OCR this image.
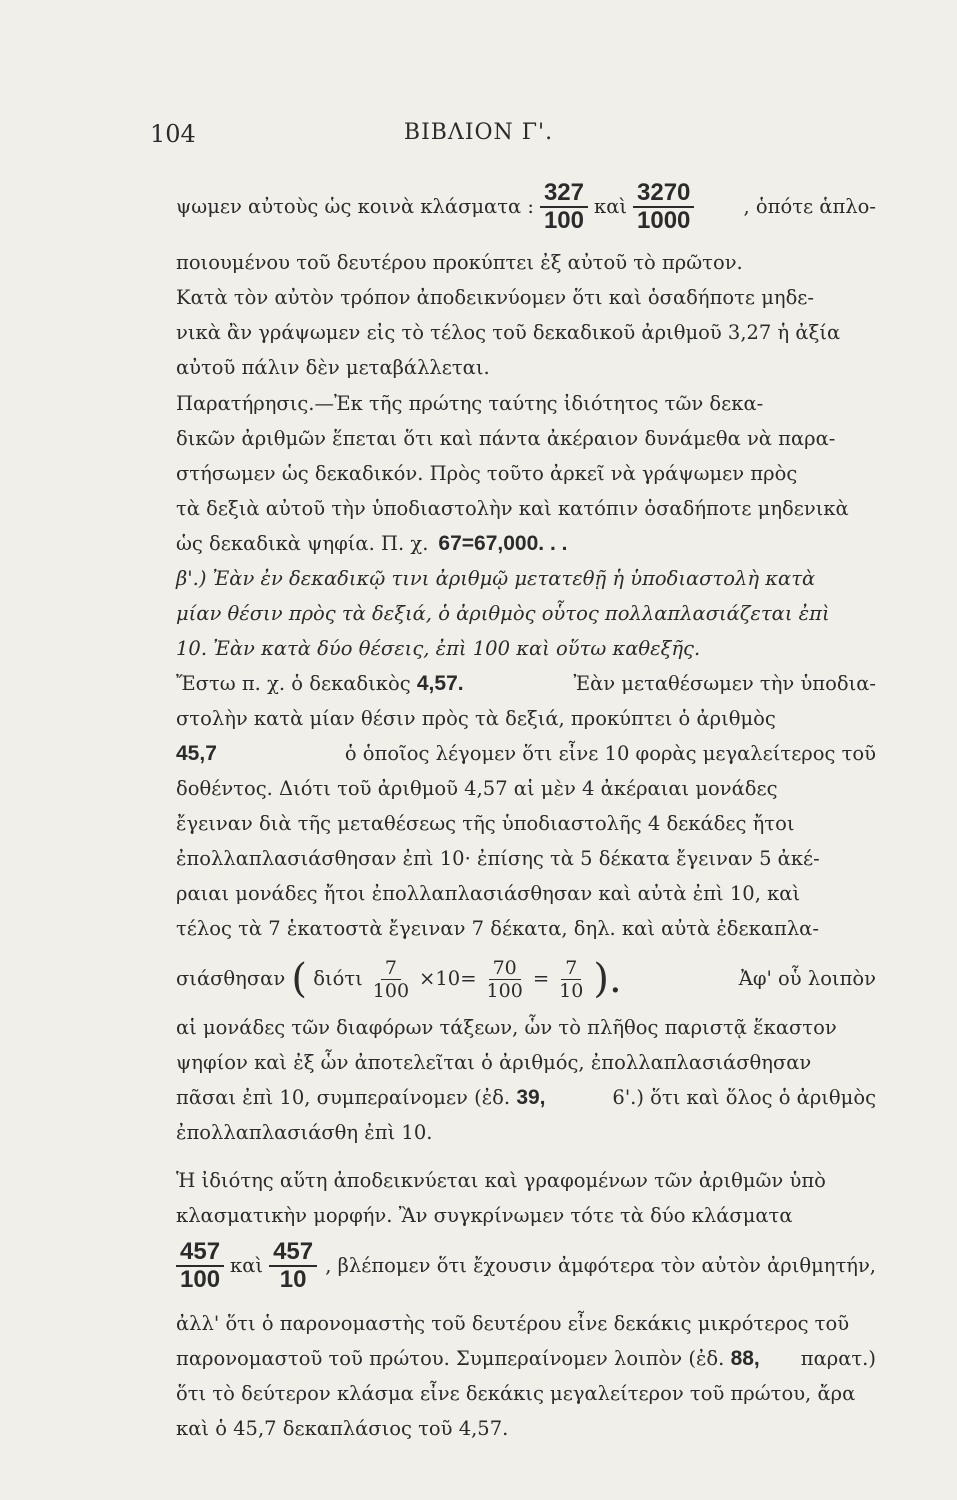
104	ΒΙΒΛΙΟΝ Γ'.
ψωμεν αὐτοὺς ὡς κοινὰ κλάσματα : $\frac{327}{100}$ καὶ $\frac{3270}{1000}$	, ὁπότε ἁπλο-
ποιουμένου τοῦ δευτέρου προκύπτει ἐξ αὐτοῦ τὸ πρῶτον.
Κατὰ τὸν αὐτὸν τρόπον ἀποδεικνύομεν ὅτι καὶ ὁσαδήποτε μηδε-
νικὰ ἂν γράψωμεν εἰς τὸ τέλος τοῦ δεκαδικοῦ ἀριθμοῦ 3,27 ἡ ἀξία
αὐτοῦ πάλιν δὲν μεταβάλλεται.
Παρατήρησις.—Ἐκ τῆς πρώτης ταύτης ἰδιότητος τῶν δεκα-
δικῶν ἀριθμῶν ἕπεται ὅτι καὶ πάντα ἀκέραιον δυνάμεθα νὰ παρα-
στήσωμεν ὡς δεκαδικόν. Πρὸς τοῦτο ἀρκεῖ νὰ γράψωμεν πρὸς
τὰ δεξιὰ αὐτοῦ τὴν ὑποδιαστολὴν καὶ κατόπιν ὁσαδήποτε μηδενικὰ
ὡς δεκαδικὰ ψηφία. Π. χ. 67=67,000. . .
β'.) Ἐὰν ἐν δεκαδικῷ τινι ἀριθμῷ μετατεθῇ ἡ ὑποδιαστολὴ κατὰ
μίαν θέσιν πρὸς τὰ δεξιά, ὁ ἀριθμὸς οὗτος πολλαπλασιάζεται ἐπὶ
10. Ἐὰν κατὰ δύο θέσεις, ἐπὶ 100 καὶ οὕτω καθεξῆς.
Ἔστω π. χ. ὁ δεκαδικὸς
4,57.	Ἐὰν μεταθέσωμεν τὴν ὑποδια-
στολὴν κατὰ μίαν θέσιν πρὸς τὰ δεξιά, προκύπτει ὁ ἀριθμὸς
45,7	ὁ ὁποῖος λέγομεν ὅτι εἶνε 10 φορὰς μεγαλείτερος τοῦ
δοθέντος. Διότι τοῦ ἀριθμοῦ 4,57 αἱ μὲν 4 ἀκέραιαι μονάδες
ἔγειναν διὰ τῆς μεταθέσεως τῆς ὑποδιαστολῆς 4 δεκάδες ἤτοι
ἐπολλαπλασιάσθησαν ἐπὶ 10· ἐπίσης τὰ 5 δέκατα ἔγειναν 5 ἀκέ-
ραιαι μονάδες ἤτοι ἐπολλαπλασιάσθησαν καὶ αὐτὰ ἐπὶ 10, καὶ
τέλος τὰ 7 ἑκατοστὰ ἔγειναν 7 δέκατα, δηλ. καὶ αὐτὰ ἐδεκαπλα-
σιάσθησαν
(
διότι $\frac{7}{100} \times 10= \frac{70}{100} = \frac{7}{10}$ ).	Ἀφ' οὗ λοιπὸν
αἱ μονάδες τῶν διαφόρων τάξεων, ὧν τὸ πλῆθος παριστᾷ ἕκαστον
ψηφίον καὶ ἐξ ὧν ἀποτελεῖται ὁ ἀριθμός, ἐπολλαπλασιάσθησαν
πᾶσαι ἐπὶ 10, συμπεραίνομεν (ἐδ.
39,	6'.) ὅτι καὶ ὅλος ὁ ἀριθμὸς
ἐπολλαπλασιάσθη ἐπὶ 10.
Ἡ ἰδιότης αὕτη ἀποδεικνύεται καὶ γραφομένων τῶν ἀριθμῶν ὑπὸ
κλασματικὴν μορφήν. Ἂν συγκρίνωμεν τότε τὰ δύο κλάσματα
$\frac{457}{100}$ καὶ $\frac{457}{10}$ , βλέπομεν ὅτι ἔχουσιν ἀμφότερα τὸν αὐτὸν ἀριθμητήν,
ἀλλ' ὅτι ὁ παρονομαστὴς τοῦ δευτέρου εἶνε δεκάκις μικρότερος τοῦ
παρονομαστοῦ τοῦ πρώτου. Συμπεραίνομεν λοιπὸν (ἐδ.
88, παρατ.)
ὅτι τὸ δεύτερον κλάσμα εἶνε δεκάκις μεγαλείτερον τοῦ πρώτου, ἄρα
καὶ ὁ 45,7 δεκαπλάσιος τοῦ 4,57.
